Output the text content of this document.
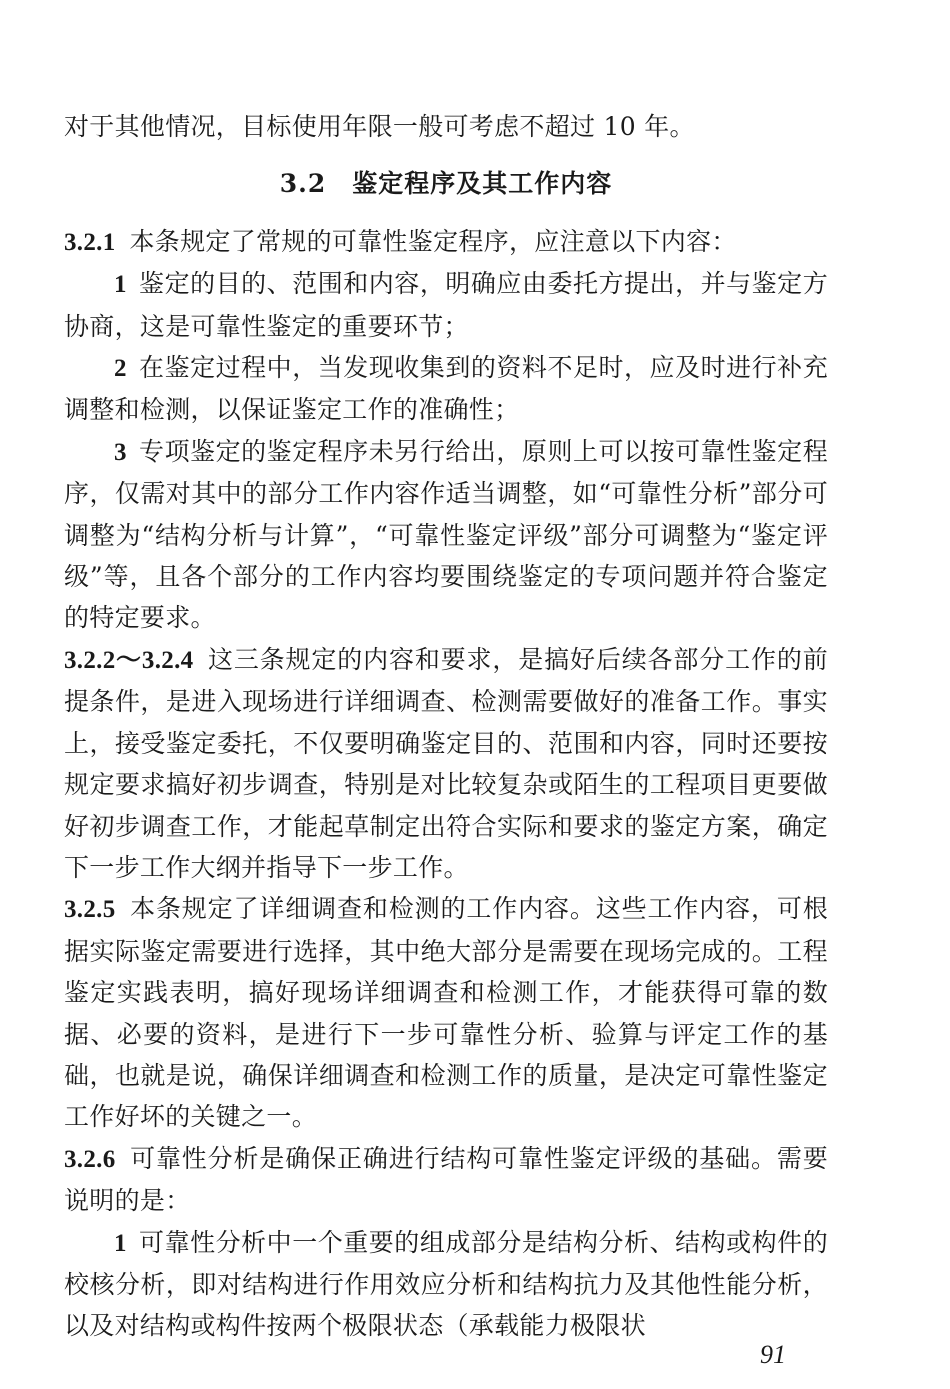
对于其他情况，目标使用年限一般可考虑不超过 10 年。

3.2　鉴定程序及其工作内容

3.2.1 本条规定了常规的可靠性鉴定程序，应注意以下内容：

1 鉴定的目的、范围和内容，明确应由委托方提出，并与鉴定方协商，这是可靠性鉴定的重要环节；

2 在鉴定过程中，当发现收集到的资料不足时，应及时进行补充调整和检测，以保证鉴定工作的准确性；

3 专项鉴定的鉴定程序未另行给出，原则上可以按可靠性鉴定程序，仅需对其中的部分工作内容作适当调整，如“可靠性分析”部分可调整为“结构分析与计算”，“可靠性鉴定评级”部分可调整为“鉴定评级”等，且各个部分的工作内容均要围绕鉴定的专项问题并符合鉴定的特定要求。

3.2.2～3.2.4 这三条规定的内容和要求，是搞好后续各部分工作的前提条件，是进入现场进行详细调查、检测需要做好的准备工作。事实上，接受鉴定委托，不仅要明确鉴定目的、范围和内容，同时还要按规定要求搞好初步调查，特别是对比较复杂或陌生的工程项目更要做好初步调查工作，才能起草制定出符合实际和要求的鉴定方案，确定下一步工作大纲并指导下一步工作。

3.2.5 本条规定了详细调查和检测的工作内容。这些工作内容，可根据实际鉴定需要进行选择，其中绝大部分是需要在现场完成的。工程鉴定实践表明，搞好现场详细调查和检测工作，才能获得可靠的数据、必要的资料，是进行下一步可靠性分析、验算与评定工作的基础，也就是说，确保详细调查和检测工作的质量，是决定可靠性鉴定工作好坏的关键之一。

3.2.6 可靠性分析是确保正确进行结构可靠性鉴定评级的基础。需要说明的是：

1 可靠性分析中一个重要的组成部分是结构分析、结构或构件的校核分析，即对结构进行作用效应分析和结构抗力及其他性能分析，以及对结构或构件按两个极限状态（承载能力极限状

91
